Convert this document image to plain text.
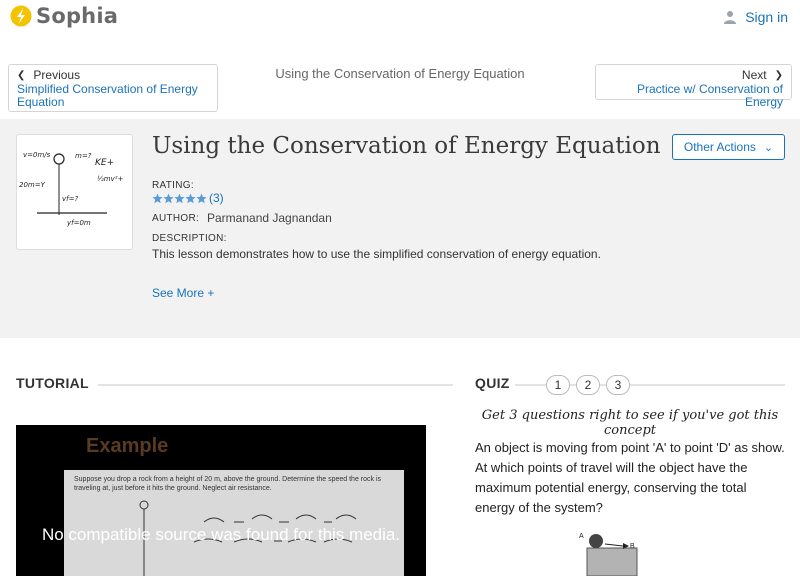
Sophia	Sign in
❮ Previous
Simplified Conservation of Energy Equation
Using the Conservation of Energy Equation	Next ❯
Practice w/ Conservation of Energy
v=0m/s	m=?
20m=Y
KE+
½mv²+
vf=?
yf=0m
Using the Conservation of Energy Equation Other Actions ⌄
RATING:
(3)
AUTHOR: Parmanand Jagnandan
DESCRIPTION:
This lesson demonstrates how to use the simplified conservation of energy equation.
See More +
TUTORIAL
Example
Suppose you drop a rock from a height of 20 m, above the ground. Determine the speed the rock is traveling at, just before it hits the ground. Neglect air resistance.
No compatible source was found for this media.
QUIZ	1	2	3
Get 3 questions right to see if you've got this concept
An object is moving from point 'A' to point 'D' as show. At which points of travel will the object have the maximum potential energy, conserving the total energy of the system?
A
B
